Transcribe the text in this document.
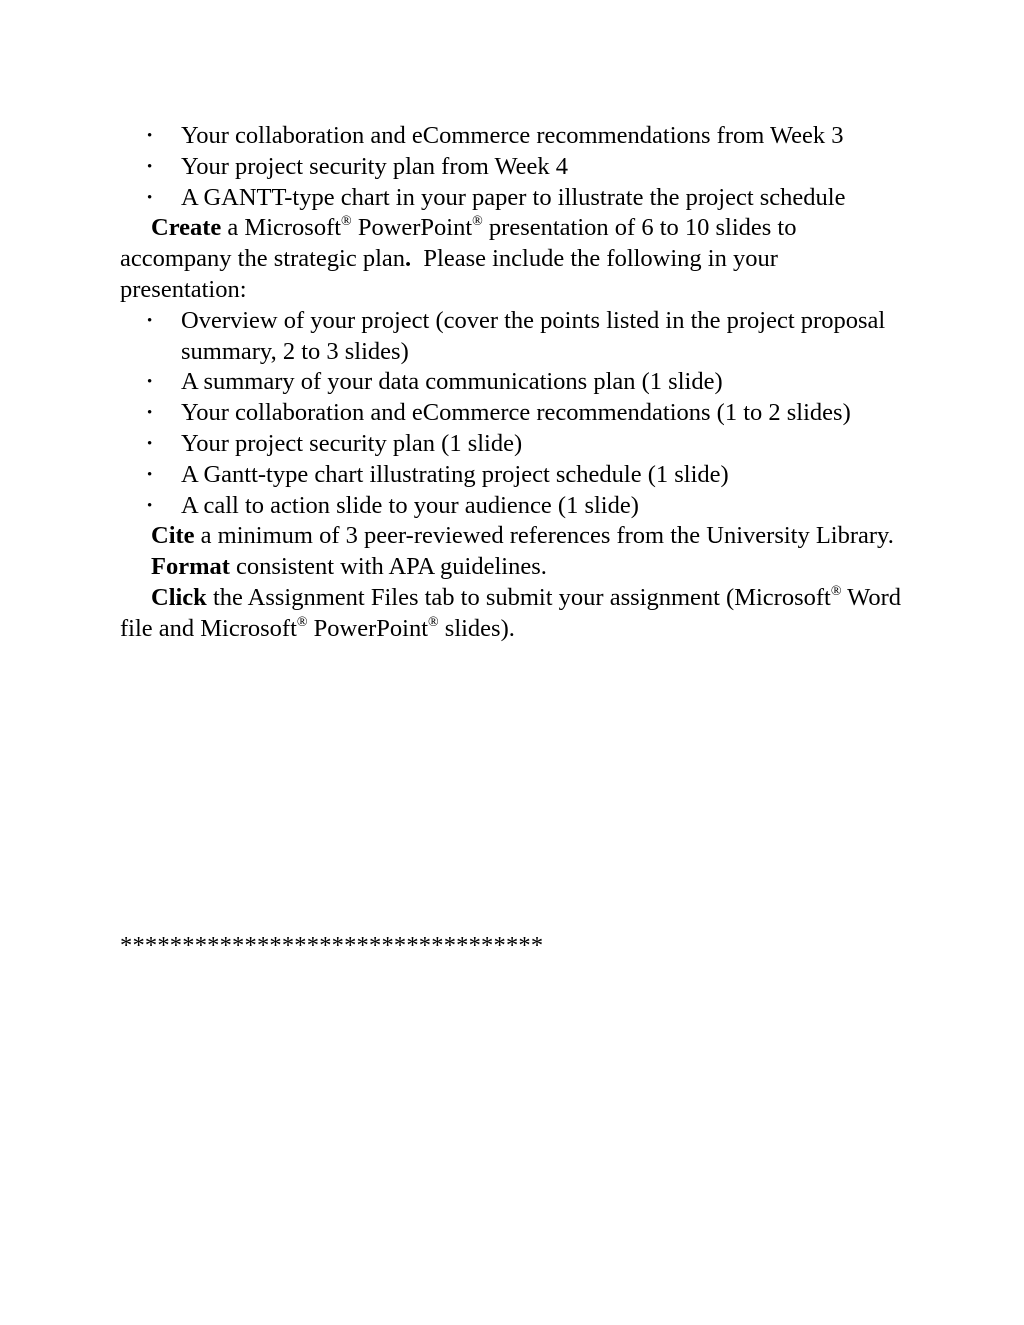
• Your collaboration and eCommerce recommendations from Week 3
• Your project security plan from Week 4
• A GANTT-type chart in your paper to illustrate the project schedule

Create a Microsoft® PowerPoint® presentation of 6 to 10 slides to accompany the strategic plan.  Please include the following in your presentation:

• Overview of your project (cover the points listed in the project proposal summary, 2 to 3 slides)
• A summary of your data communications plan (1 slide)
• Your collaboration and eCommerce recommendations (1 to 2 slides)
• Your project security plan (1 slide)
• A Gantt-type chart illustrating project schedule (1 slide)
• A call to action slide to your audience (1 slide)

Cite a minimum of 3 peer-reviewed references from the University Library.

Format consistent with APA guidelines.

Click the Assignment Files tab to submit your assignment (Microsoft® Word file and Microsoft® PowerPoint® slides).

**********************************
